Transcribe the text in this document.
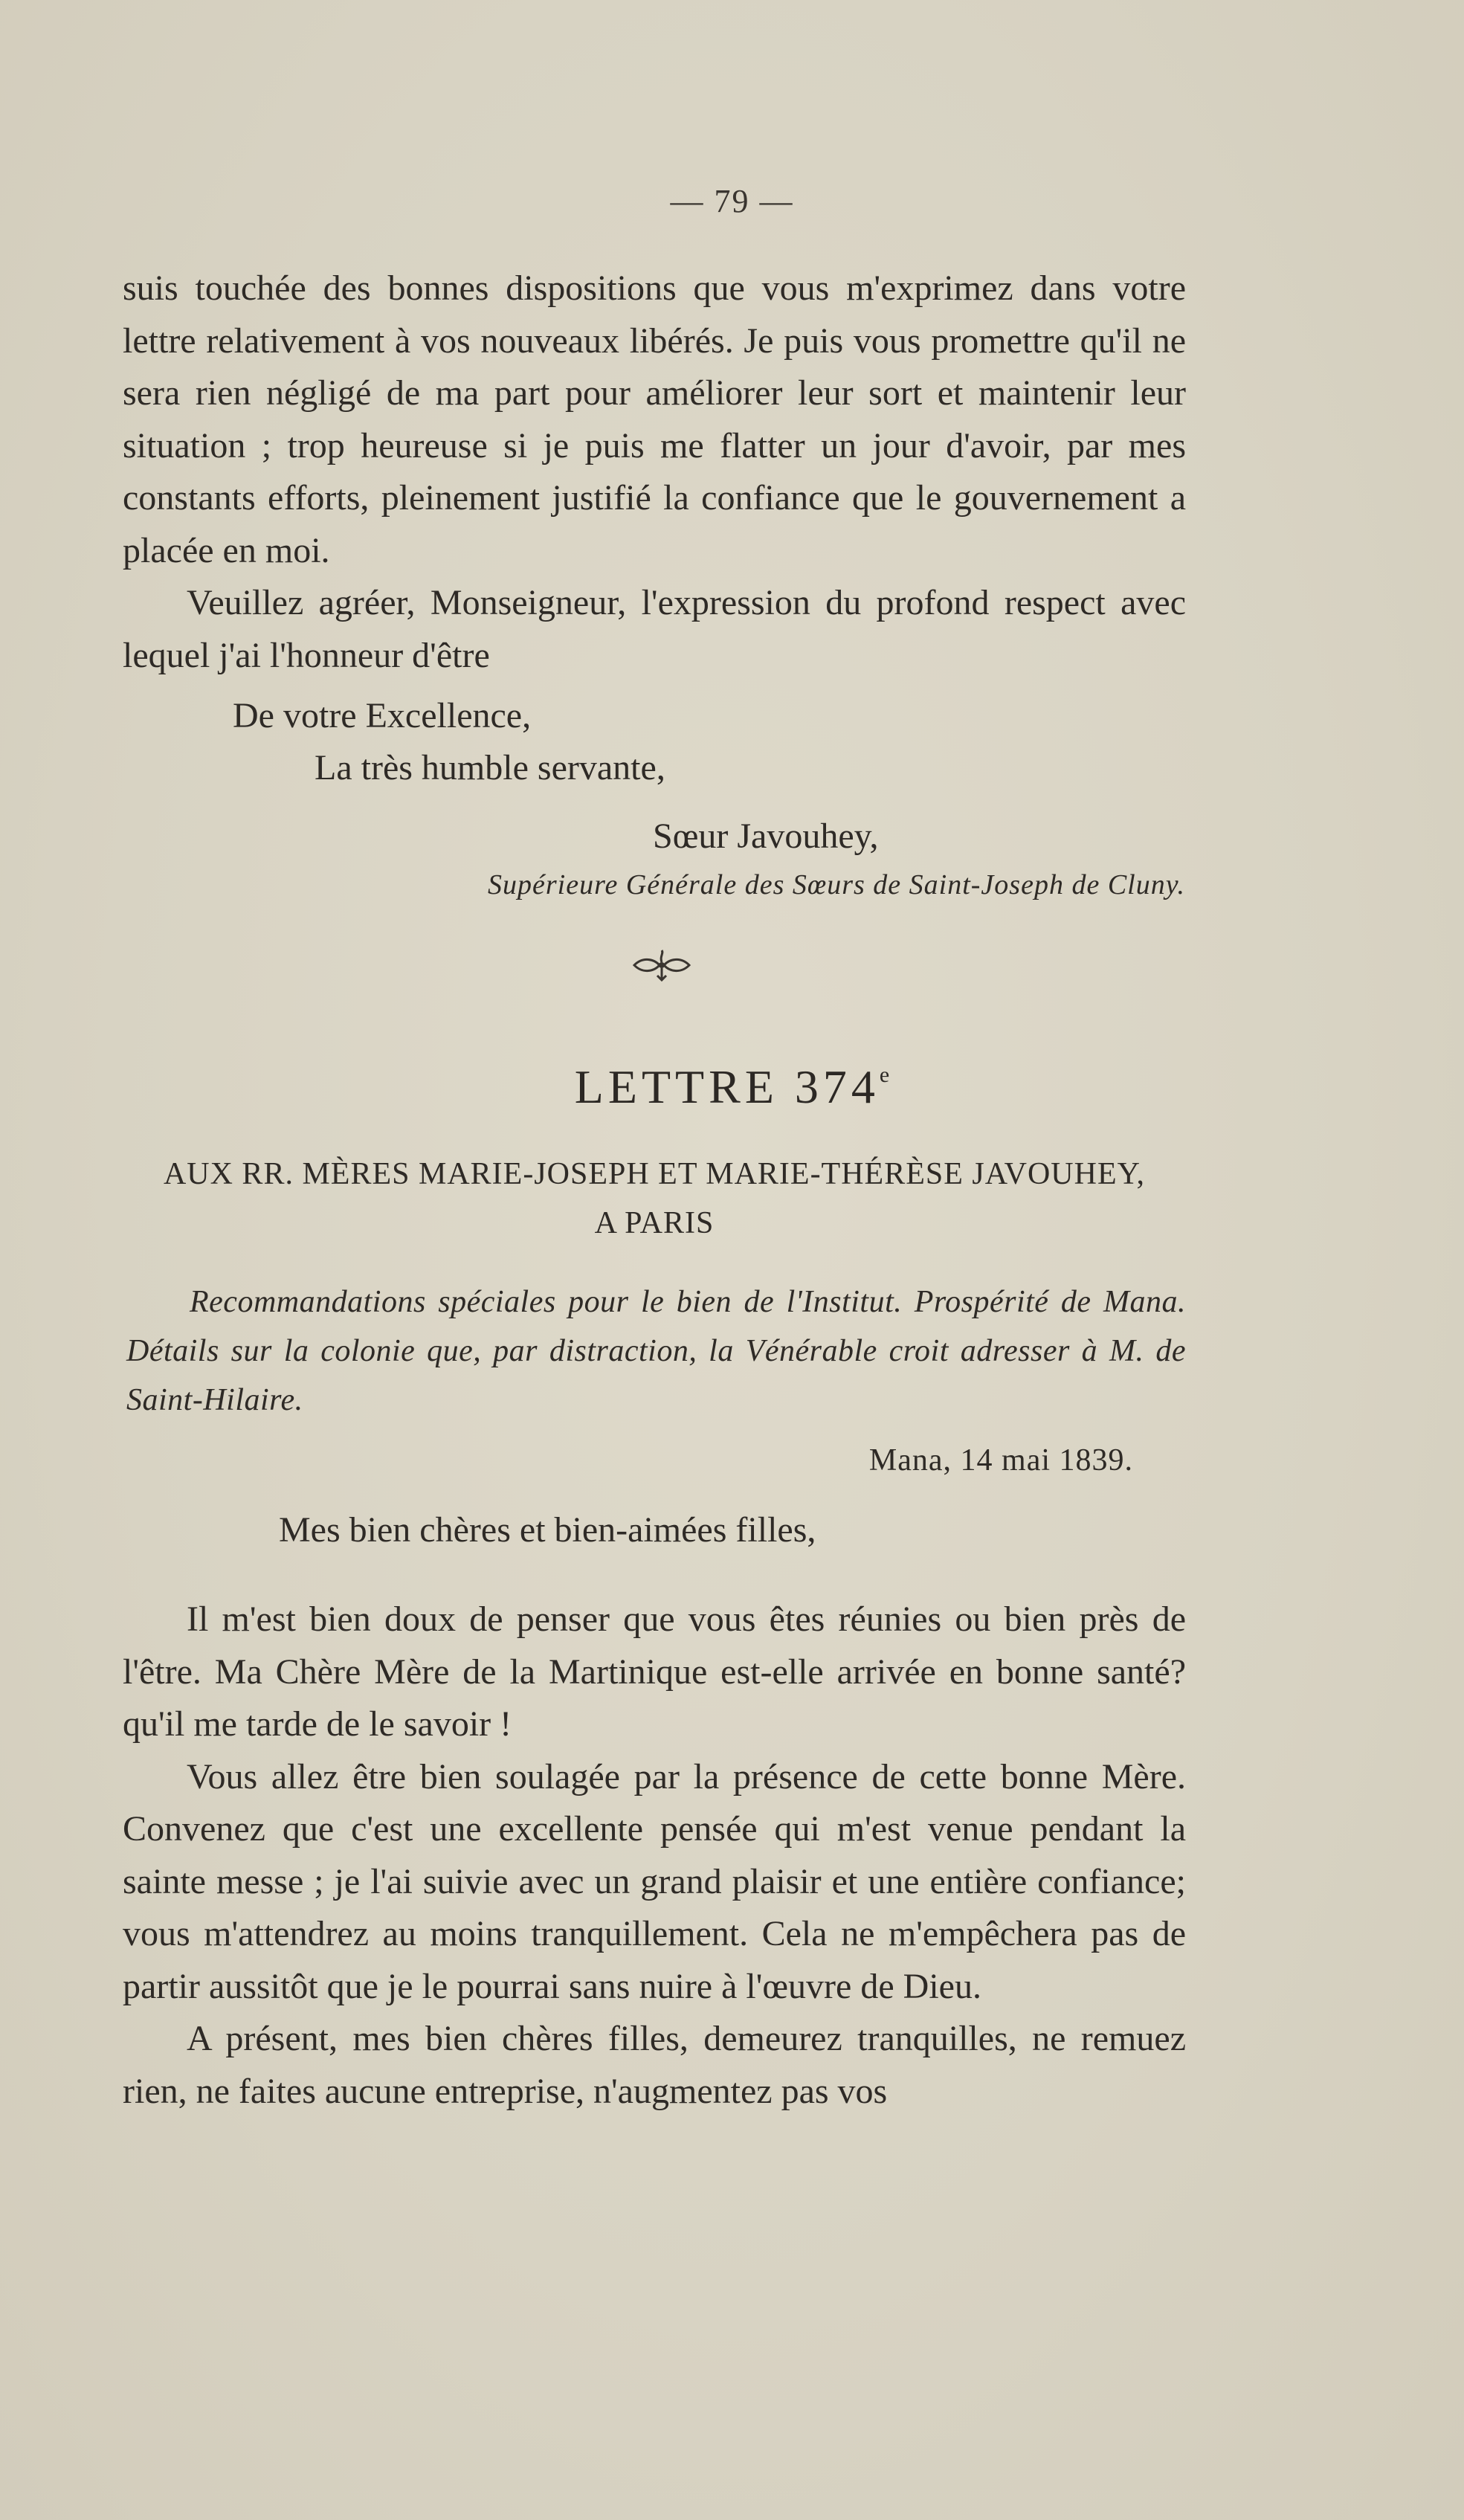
— 79 —

suis touchée des bonnes dispositions que vous m'exprimez dans votre lettre relativement à vos nouveaux libérés. Je puis vous promettre qu'il ne sera rien négligé de ma part pour améliorer leur sort et maintenir leur situation ; trop heureuse si je puis me flatter un jour d'avoir, par mes constants efforts, pleinement justifié la confiance que le gouvernement a placée en moi.

Veuillez agréer, Monseigneur, l'expression du profond respect avec lequel j'ai l'honneur d'être

De votre Excellence,
La très humble servante,
Sœur Javouhey,
Supérieure Générale des Sœurs de Saint-Joseph de Cluny.
LETTRE 374e
AUX RR. MÈRES MARIE-JOSEPH ET MARIE-THÉRÈSE JAVOUHEY,
A PARIS

Recommandations spéciales pour le bien de l'Institut. Prospérité de Mana. Détails sur la colonie que, par distraction, la Vénérable croit adresser à M. de Saint-Hilaire.

Mana, 14 mai 1839.
Mes bien chères et bien-aimées filles,

Il m'est bien doux de penser que vous êtes réunies ou bien près de l'être. Ma Chère Mère de la Martinique est-elle arrivée en bonne santé? qu'il me tarde de le savoir !

Vous allez être bien soulagée par la présence de cette bonne Mère. Convenez que c'est une excellente pensée qui m'est venue pendant la sainte messe ; je l'ai suivie avec un grand plaisir et une entière confiance; vous m'attendrez au moins tranquillement. Cela ne m'empêchera pas de partir aussitôt que je le pourrai sans nuire à l'œuvre de Dieu.

A présent, mes bien chères filles, demeurez tranquilles, ne remuez rien, ne faites aucune entreprise, n'augmentez pas vos
